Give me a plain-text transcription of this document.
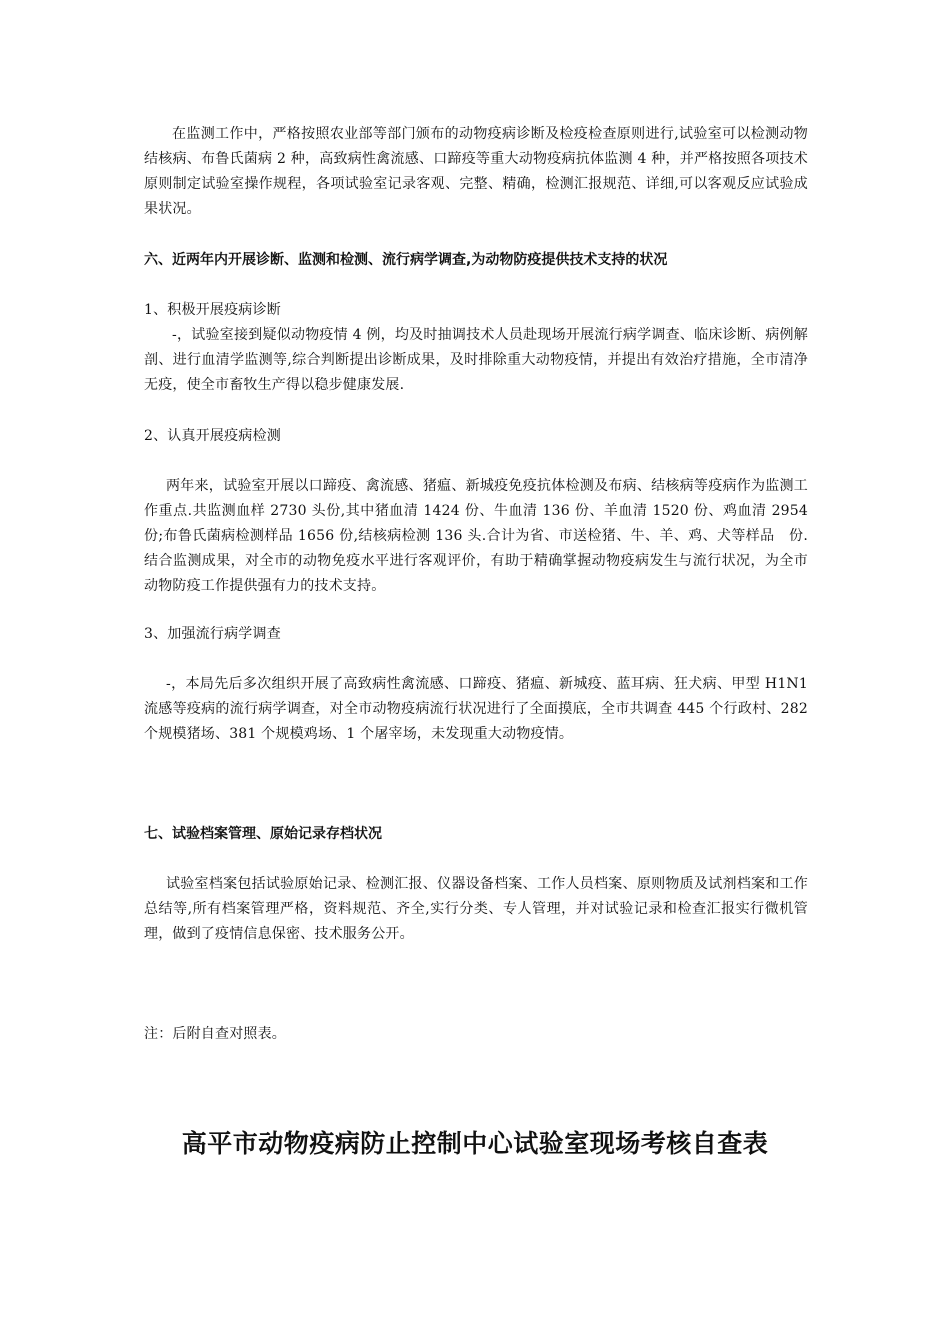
在监测工作中，严格按照农业部等部门颁布的动物疫病诊断及检疫检查原则进行,试验室可以检测动物结核病、布鲁氏菌病 2 种，高致病性禽流感、口蹄疫等重大动物疫病抗体监测 4 种，并严格按照各项技术原则制定试验室操作规程，各项试验室记录客观、完整、精确，检测汇报规范、详细,可以客观反应试验成果状况。

六、近两年内开展诊断、监测和检测、流行病学调查,为动物防疫提供技术支持的状况

1、积极开展疫病诊断

-，试验室接到疑似动物疫情 4 例，均及时抽调技术人员赴现场开展流行病学调查、临床诊断、病例解剖、进行血清学监测等,综合判断提出诊断成果，及时排除重大动物疫情，并提出有效治疗措施，全市清净无疫，使全市畜牧生产得以稳步健康发展.

2、认真开展疫病检测

两年来，试验室开展以口蹄疫、禽流感、猪瘟、新城疫免疫抗体检测及布病、结核病等疫病作为监测工作重点.共监测血样 2730 头份,其中猪血清 1424 份、牛血清 136 份、羊血清 1520 份、鸡血清 2954 份;布鲁氏菌病检测样品 1656 份,结核病检测 136 头.合计为省、市送检猪、牛、羊、鸡、犬等样品　份.结合监测成果，对全市的动物免疫水平进行客观评价，有助于精确掌握动物疫病发生与流行状况，为全市动物防疫工作提供强有力的技术支持。

3、加强流行病学调查

-，本局先后多次组织开展了高致病性禽流感、口蹄疫、猪瘟、新城疫、蓝耳病、狂犬病、甲型 H1N1 流感等疫病的流行病学调查，对全市动物疫病流行状况进行了全面摸底，全市共调查 445 个行政村、282 个规模猪场、381 个规模鸡场、1 个屠宰场，未发现重大动物疫情。

七、试验档案管理、原始记录存档状况

试验室档案包括试验原始记录、检测汇报、仪器设备档案、工作人员档案、原则物质及试剂档案和工作总结等,所有档案管理严格，资料规范、齐全,实行分类、专人管理，并对试验记录和检查汇报实行微机管理，做到了疫情信息保密、技术服务公开。

注：后附自查对照表。

高平市动物疫病防止控制中心试验室现场考核自查表
